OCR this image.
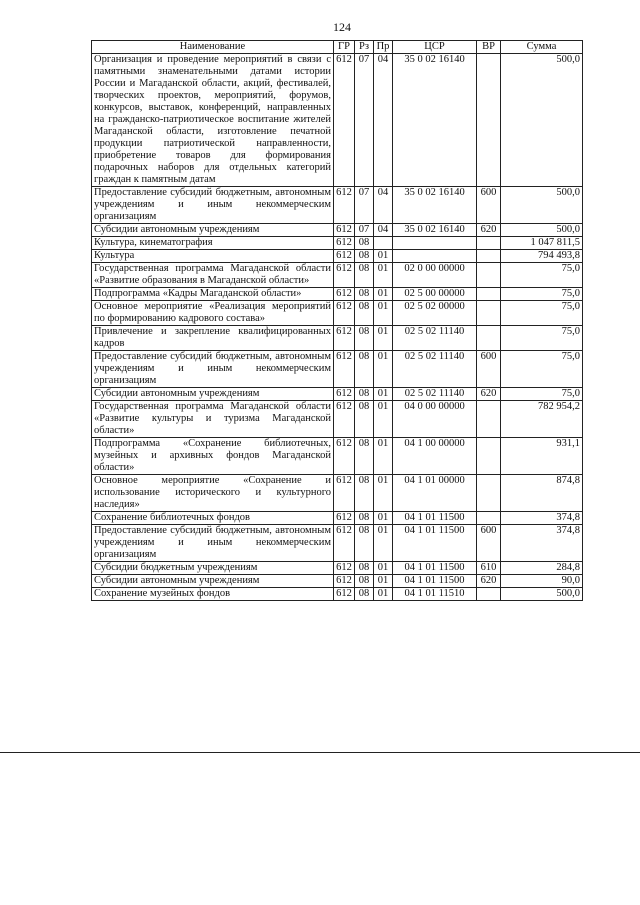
124
Наименование	ГР	Рз	Пр	ЦСР	ВР	Сумма
Организация и проведение мероприятий в связи с памятными знаменательными датами истории России и Магаданской области, акций, фестивалей, творческих проектов, мероприятий, форумов, конкурсов, выставок, конференций, направленных на гражданско-патриотическое воспитание жителей Магаданской области, изготовление печатной продукции патриотической направленности, приобретение товаров для формирования подарочных наборов для отдельных категорий граждан к памятным датам	612	07	04	35 0 02 16140		500,0
Предоставление субсидий бюджетным, автономным учреждениям и иным некоммерческим организациям	612	07	04	35 0 02 16140	600	500,0
Субсидии автономным учреждениям	612	07	04	35 0 02 16140	620	500,0
Культура, кинематография	612	08				1 047 811,5
Культура	612	08	01			794 493,8
Государственная программа Магаданской области «Развитие образования в Магаданской области»	612	08	01	02 0 00 00000		75,0
Подпрограмма «Кадры Магаданской области»	612	08	01	02 5 00 00000		75,0
Основное мероприятие «Реализация мероприятий по формированию кадрового состава»	612	08	01	02 5 02 00000		75,0
Привлечение и закрепление квалифицированных кадров	612	08	01	02 5 02 11140		75,0
Предоставление субсидий бюджетным, автономным учреждениям и иным некоммерческим организациям	612	08	01	02 5 02 11140	600	75,0
Субсидии автономным учреждениям	612	08	01	02 5 02 11140	620	75,0
Государственная программа Магаданской области «Развитие культуры и туризма Магаданской области»	612	08	01	04 0 00 00000		782 954,2
Подпрограмма «Сохранение библиотечных, музейных и архивных фондов Магаданской области»	612	08	01	04 1 00 00000		931,1
Основное мероприятие «Сохранение и использование исторического и культурного наследия»	612	08	01	04 1 01 00000		874,8
Сохранение библиотечных фондов	612	08	01	04 1 01 11500		374,8
Предоставление субсидий бюджетным, автономным учреждениям и иным некоммерческим организациям	612	08	01	04 1 01 11500	600	374,8
Субсидии бюджетным учреждениям	612	08	01	04 1 01 11500	610	284,8
Субсидии автономным учреждениям	612	08	01	04 1 01 11500	620	90,0
Сохранение музейных фондов	612	08	01	04 1 01 11510		500,0
